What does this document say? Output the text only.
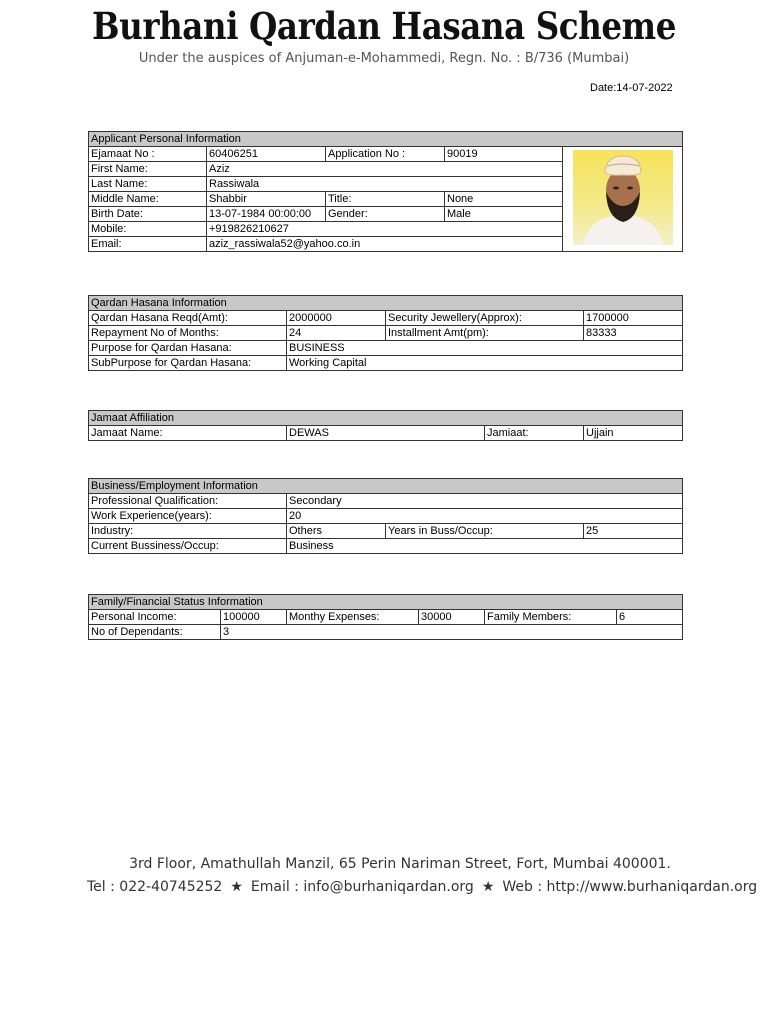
Burhani Qardan Hasana Scheme
Under the auspices of Anjuman-e-Mohammedi, Regn. No. : B/736 (Mumbai)
Date:14-07-2022
Applicant Personal Information				
Ejamaat No :	60406251	Application No :	90019	
First Name:	Aziz			
Last Name:	Rassiwala			
Middle Name:	Shabbir	Title:	None	
Birth Date:	13-07-1984 00:00:00	Gender:	Male	
Mobile:	+919826210627			
Email:	aziz_rassiwala52@yahoo.co.in			
Qardan Hasana Information			
Qardan Hasana Reqd(Amt):	2000000	Security Jewellery(Approx):	1700000
Repayment No of Months:	24	Installment Amt(pm):	83333
Purpose for Qardan Hasana:	BUSINESS		
SubPurpose for Qardan Hasana:	Working Capital		
Jamaat Affiliation
Jamaat Name:	DEWAS	Jamiaat:	Ujjain
Business/Employment Information			
Professional Qualification:	Secondary		
Work Experience(years):	20		
Industry:	Others	Years in Buss/Occup:	25
Current Bussiness/Occup:	Business		
Family/Financial Status Information					
Personal Income:	100000	Monthy Expenses:	30000	Family Members:	6
No of Dependants:	3				
3rd Floor, Amathullah Manzil, 65 Perin Nariman Street, Fort, Mumbai 400001.
Tel : 022-40745252 ★ Email : info@burhaniqardan.org ★ Web : http://www.burhaniqardan.org
